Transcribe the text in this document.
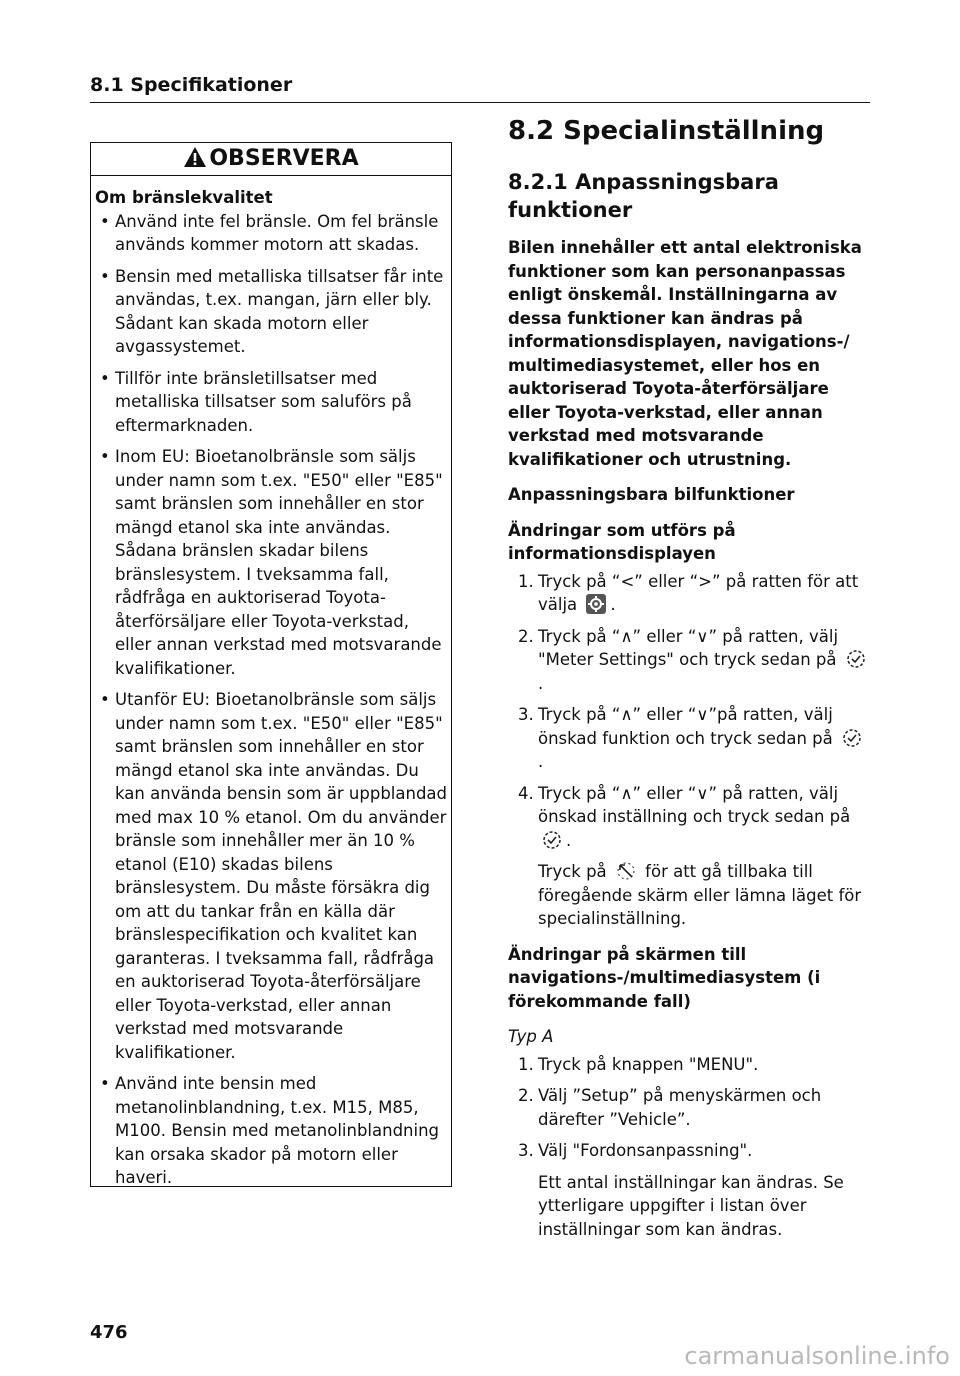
8.1 Specifikationer
OBSERVERA
Om bränslekvalitet
• Använd inte fel bränsle. Om fel bränsle används kommer motorn att skadas.
• Bensin med metalliska tillsatser får inte användas, t.ex. mangan, järn eller bly. Sådant kan skada motorn eller avgassystemet.
• Tillför inte bränsletillsatser med metalliska tillsatser som saluförs på eftermarknaden.
• Inom EU: Bioetanolbränsle som säljs under namn som t.ex. "E50" eller "E85" samt bränslen som innehåller en stor mängd etanol ska inte användas. Sådana bränslen skadar bilens bränslesystem. I tveksamma fall, rådfråga en auktoriserad Toyota-återförsäljare eller Toyota-verkstad, eller annan verkstad med motsvarande kvalifikationer.
• Utanför EU: Bioetanolbränsle som säljs under namn som t.ex. "E50" eller "E85" samt bränslen som innehåller en stor mängd etanol ska inte användas. Du kan använda bensin som är uppblandad med max 10 % etanol. Om du använder bränsle som innehåller mer än 10 % etanol (E10) skadas bilens bränslesystem. Du måste försäkra dig om att du tankar från en källa där bränslespecifikation och kvalitet kan garanteras. I tveksamma fall, rådfråga en auktoriserad Toyota-återförsäljare eller Toyota-verkstad, eller annan verkstad med motsvarande kvalifikationer.
• Använd inte bensin med metanolinblandning, t.ex. M15, M85, M100. Bensin med metanolinblandning kan orsaka skador på motorn eller haveri.
8.2 Specialinställning
8.2.1 Anpassningsbara funktioner
Bilen innehåller ett antal elektroniska funktioner som kan personanpassas enligt önskemål. Inställningarna av dessa funktioner kan ändras på informationsdisplayen, navigations-/ multimediasystemet, eller hos en auktoriserad Toyota-återförsäljare eller Toyota-verkstad, eller annan verkstad med motsvarande kvalifikationer och utrustning.
Anpassningsbara bilfunktioner
Ändringar som utförs på informationsdisplayen
1. Tryck på “<” eller “>” på ratten för att välja .
2. Tryck på “∧” eller “∨” på ratten, välj "Meter Settings" och tryck sedan på .
3. Tryck på “∧” eller “∨”på ratten, välj önskad funktion och tryck sedan på .
4. Tryck på “∧” eller “∨” på ratten, välj önskad inställning och tryck sedan på .
Tryck på för att gå tillbaka till föregående skärm eller lämna läget för specialinställning.
Ändringar på skärmen till navigations-/multimediasystem (i förekommande fall)
Typ A
1. Tryck på knappen "MENU".
2. Välj ”Setup” på menyskärmen och därefter ”Vehicle”.
3. Välj "Fordonsanpassning".
Ett antal inställningar kan ändras. Se ytterligare uppgifter i listan över inställningar som kan ändras.
476
carmanualsonline.info
